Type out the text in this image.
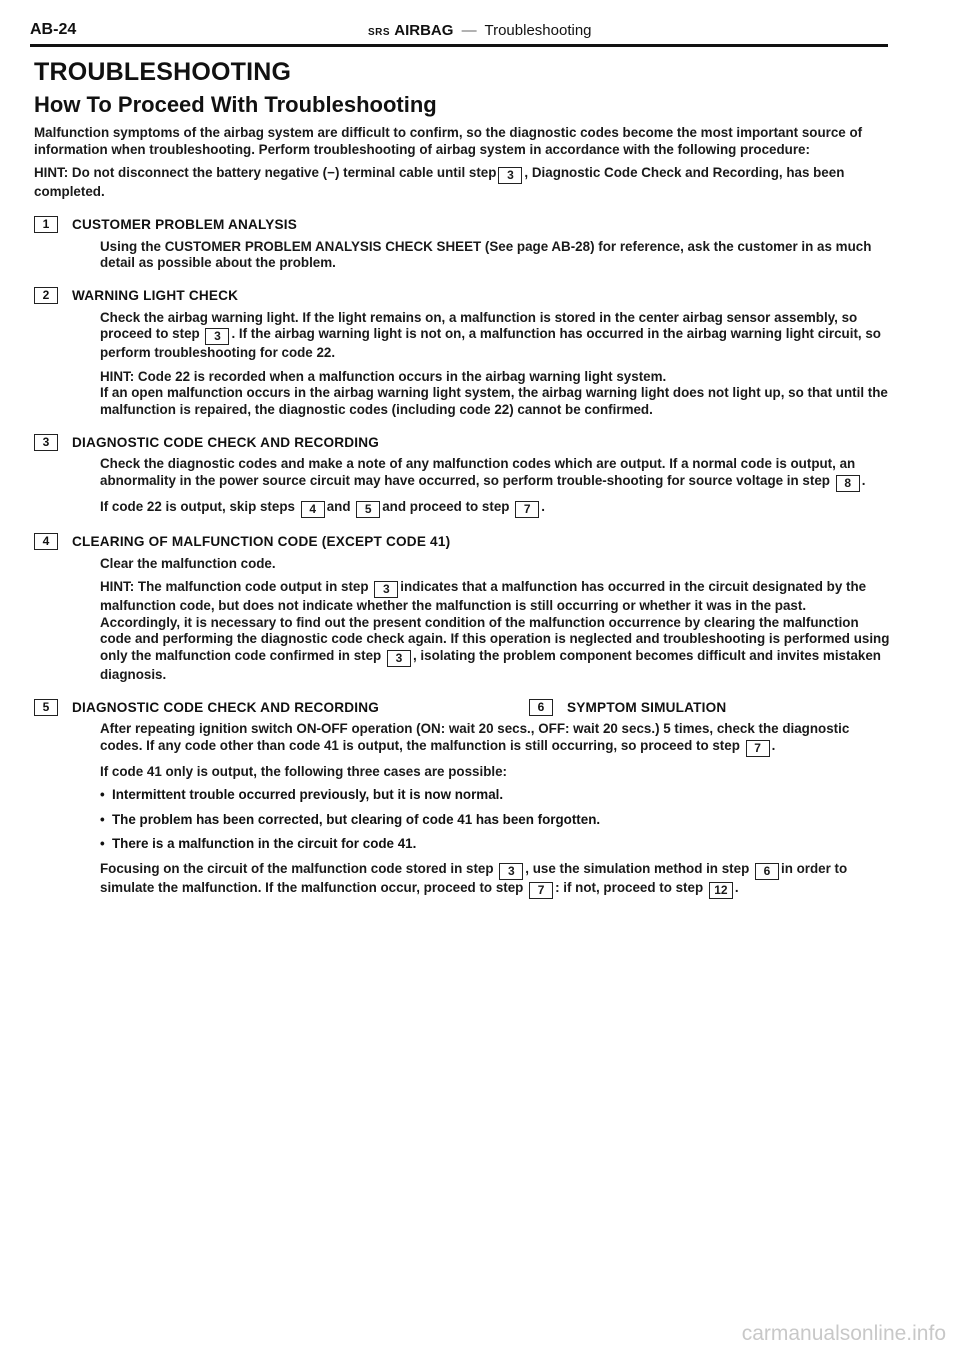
AB-24	SRS AIRBAG — Troubleshooting
TROUBLESHOOTING
How To Proceed With Troubleshooting

Malfunction symptoms of the airbag system are difficult to confirm, so the diagnostic codes become the most important source of information when troubleshooting. Perform troubleshooting of airbag system in accordance with the following procedure:

HINT: Do not disconnect the battery negative (−) terminal cable until step 3 , Diagnostic Code Check and Recording, has been completed.

1	CUSTOMER PROBLEM ANALYSIS

Using the CUSTOMER PROBLEM ANALYSIS CHECK SHEET (See page AB-28) for reference, ask the customer in as much detail as possible about the problem.

2	WARNING LIGHT CHECK

Check the airbag warning light. If the light remains on, a malfunction is stored in the center airbag sensor assembly, so proceed to step 3 . If the airbag warning light is not on, a malfunction has occurred in the airbag warning light circuit, so perform troubleshooting for code 22.

HINT: Code 22 is recorded when a malfunction occurs in the airbag warning light system.
If an open malfunction occurs in the airbag warning light system, the airbag warning light does not light up, so that until the malfunction is repaired, the diagnostic codes (including code 22) cannot be confirmed.

3	DIAGNOSTIC CODE CHECK AND RECORDING

Check the diagnostic codes and make a note of any malfunction codes which are output. If a normal code is output, an abnormality in the power source circuit may have occurred, so perform trouble-shooting for source voltage in step 8 .

If code 22 is output, skip steps 4 and 5 and proceed to step 7 .

4	CLEARING OF MALFUNCTION CODE (EXCEPT CODE 41)

Clear the malfunction code.

HINT: The malfunction code output in step 3 indicates that a malfunction has occurred in the circuit designated by the malfunction code, but does not indicate whether the malfunction is still occurring or whether it was in the past.

Accordingly, it is necessary to find out the present condition of the malfunction occurrence by clearing the malfunction code and performing the diagnostic code check again. If this operation is neglected and troubleshooting is performed using only the malfunction code confirmed in step 3 , isolating the problem component becomes difficult and invites mistaken diagnosis.

5	DIAGNOSTIC CODE CHECK AND RECORDING	6	SYMPTOM SIMULATION

After repeating ignition switch ON-OFF operation (ON: wait 20 secs., OFF: wait 20 secs.) 5 times, check the diagnostic codes. If any code other than code 41 is output, the malfunction is still occurring, so proceed to step 7 .

If code 41 only is output, the following three cases are possible:

• Intermittent trouble occurred previously, but it is now normal.
• The problem has been corrected, but clearing of code 41 has been forgotten.
• There is a malfunction in the circuit for code 41.

Focusing on the circuit of the malfunction code stored in step 3 , use the simulation method in step 6 in order to simulate the malfunction. If the malfunction occur, proceed to step 7 : if not, proceed to step 12 .

carmanualsonline.info
